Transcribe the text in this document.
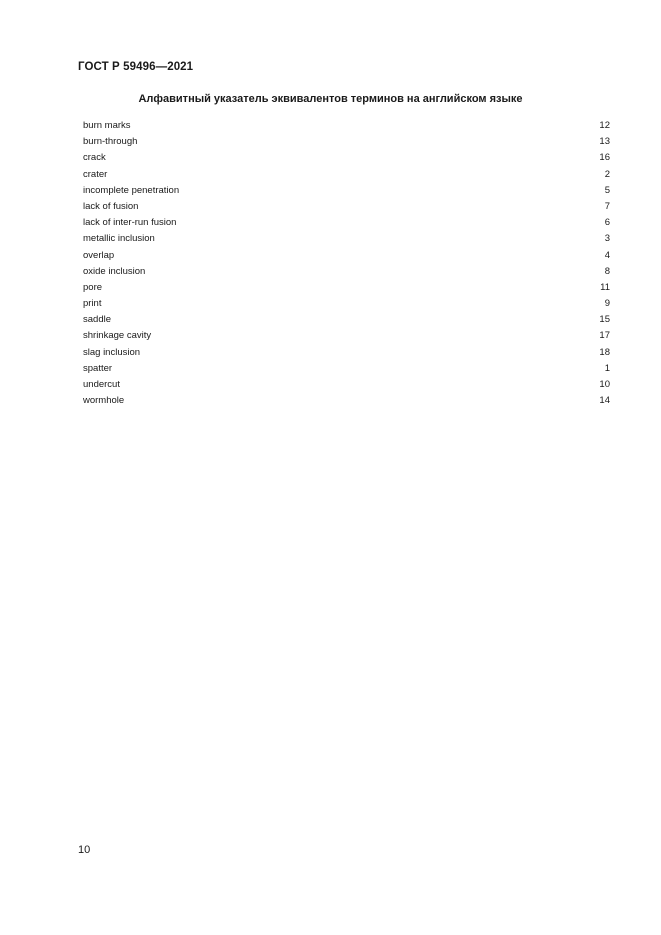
ГОСТ Р 59496—2021
Алфавитный указатель эквивалентов терминов на английском языке
burn marks	12
burn-through	13
crack	16
crater	2
incomplete penetration	5
lack of fusion	7
lack of inter-run fusion	6
metallic inclusion	3
overlap	4
oxide inclusion	8
pore	11
print	9
saddle	15
shrinkage cavity	17
slag inclusion	18
spatter	1
undercut	10
wormhole	14
10
